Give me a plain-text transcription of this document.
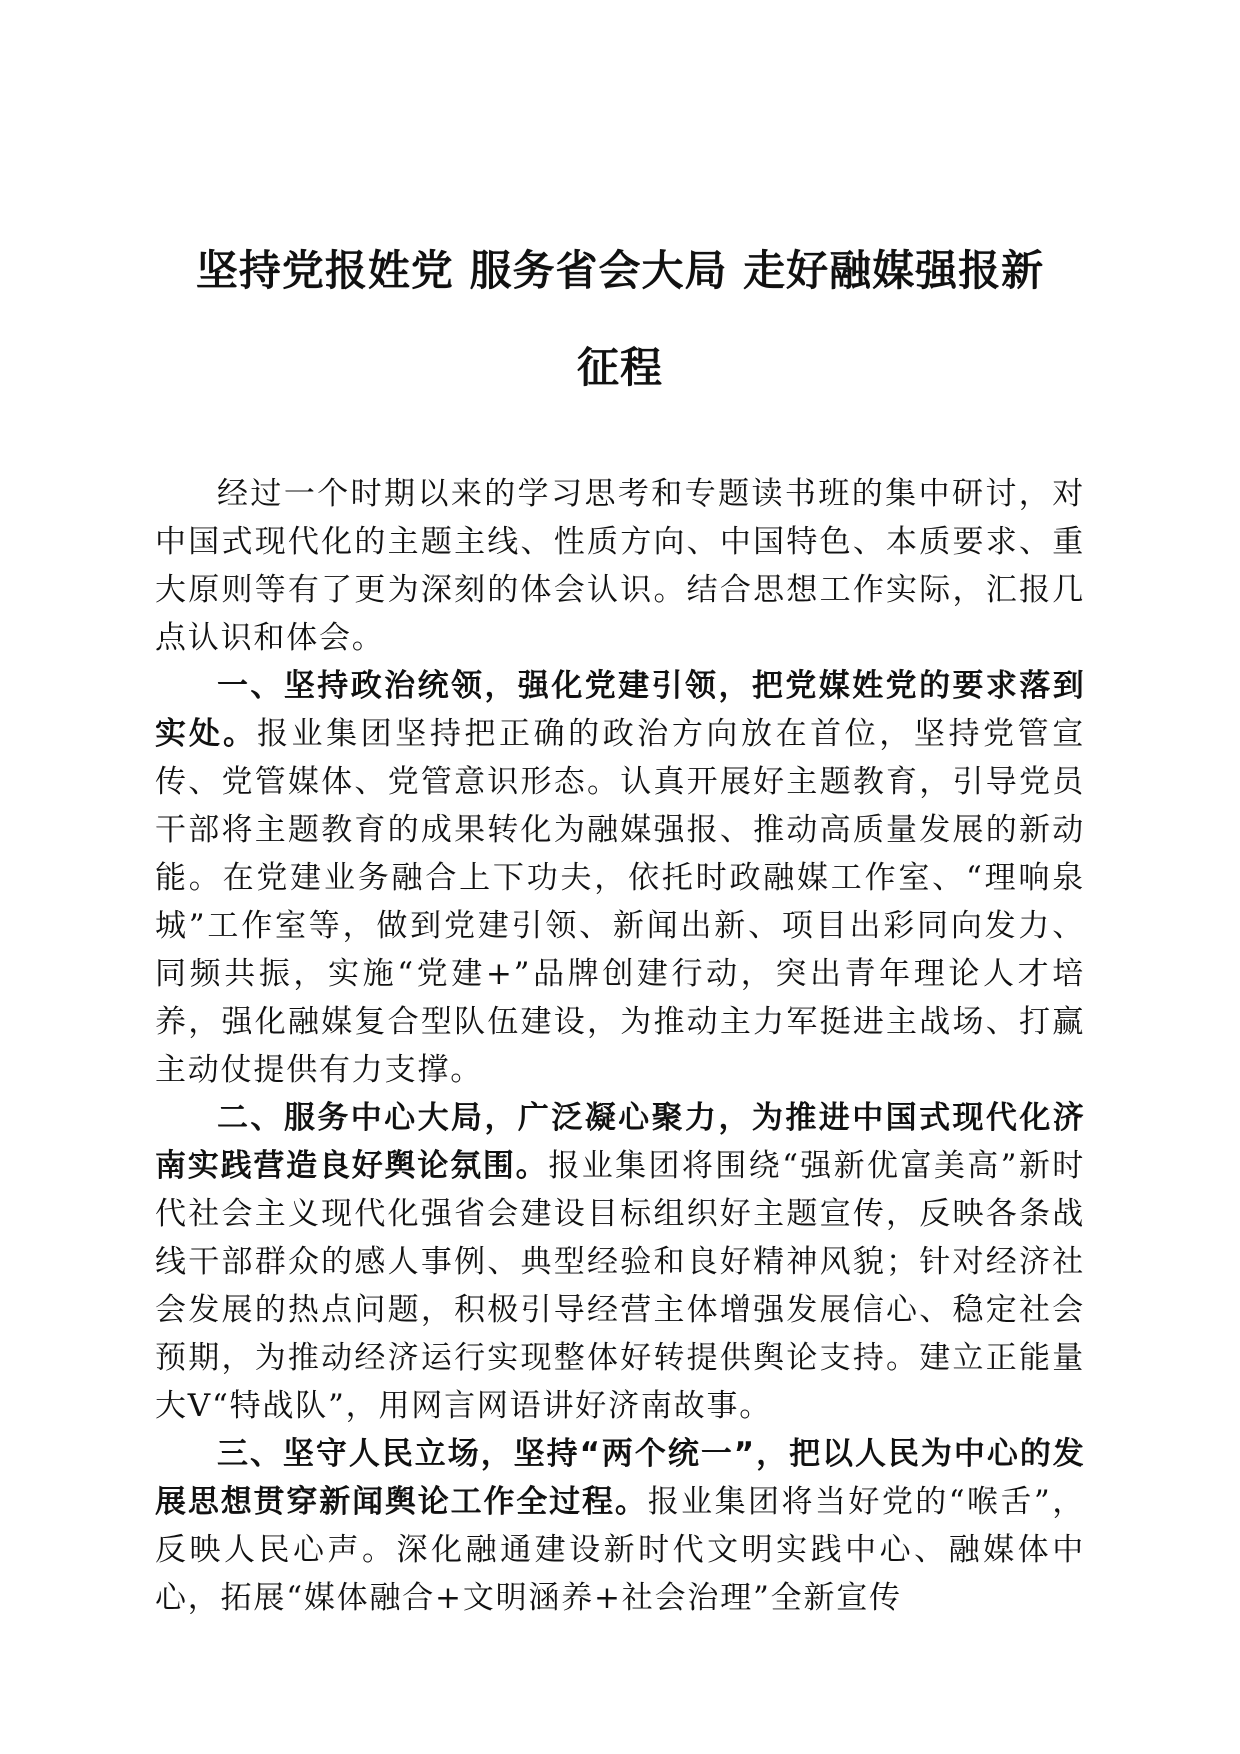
坚持党报姓党 服务省会大局 走好融媒强报新
征程

经过一个时期以来的学习思考和专题读书班的集中研讨，对中国式现代化的主题主线、性质方向、中国特色、本质要求、重大原则等有了更为深刻的体会认识。结合思想工作实际，汇报几点认识和体会。

一、坚持政治统领，强化党建引领，把党媒姓党的要求落到实处。报业集团坚持把正确的政治方向放在首位，坚持党管宣传、党管媒体、党管意识形态。认真开展好主题教育，引导党员干部将主题教育的成果转化为融媒强报、推动高质量发展的新动能。在党建业务融合上下功夫，依托时政融媒工作室、“理响泉城”工作室等，做到党建引领、新闻出新、项目出彩同向发力、同频共振，实施“党建+”品牌创建行动，突出青年理论人才培养，强化融媒复合型队伍建设，为推动主力军挺进主战场、打赢主动仗提供有力支撑。

二、服务中心大局，广泛凝心聚力，为推进中国式现代化济南实践营造良好舆论氛围。报业集团将围绕“强新优富美高”新时代社会主义现代化强省会建设目标组织好主题宣传，反映各条战线干部群众的感人事例、典型经验和良好精神风貌；针对经济社会发展的热点问题，积极引导经营主体增强发展信心、稳定社会预期，为推动经济运行实现整体好转提供舆论支持。建立正能量大V“特战队”，用网言网语讲好济南故事。

三、坚守人民立场，坚持“两个统一”，把以人民为中心的发展思想贯穿新闻舆论工作全过程。报业集团将当好党的“喉舌”，反映人民心声。深化融通建设新时代文明实践中心、融媒体中心，拓展“媒体融合+文明涵养+社会治理”全新宣传
